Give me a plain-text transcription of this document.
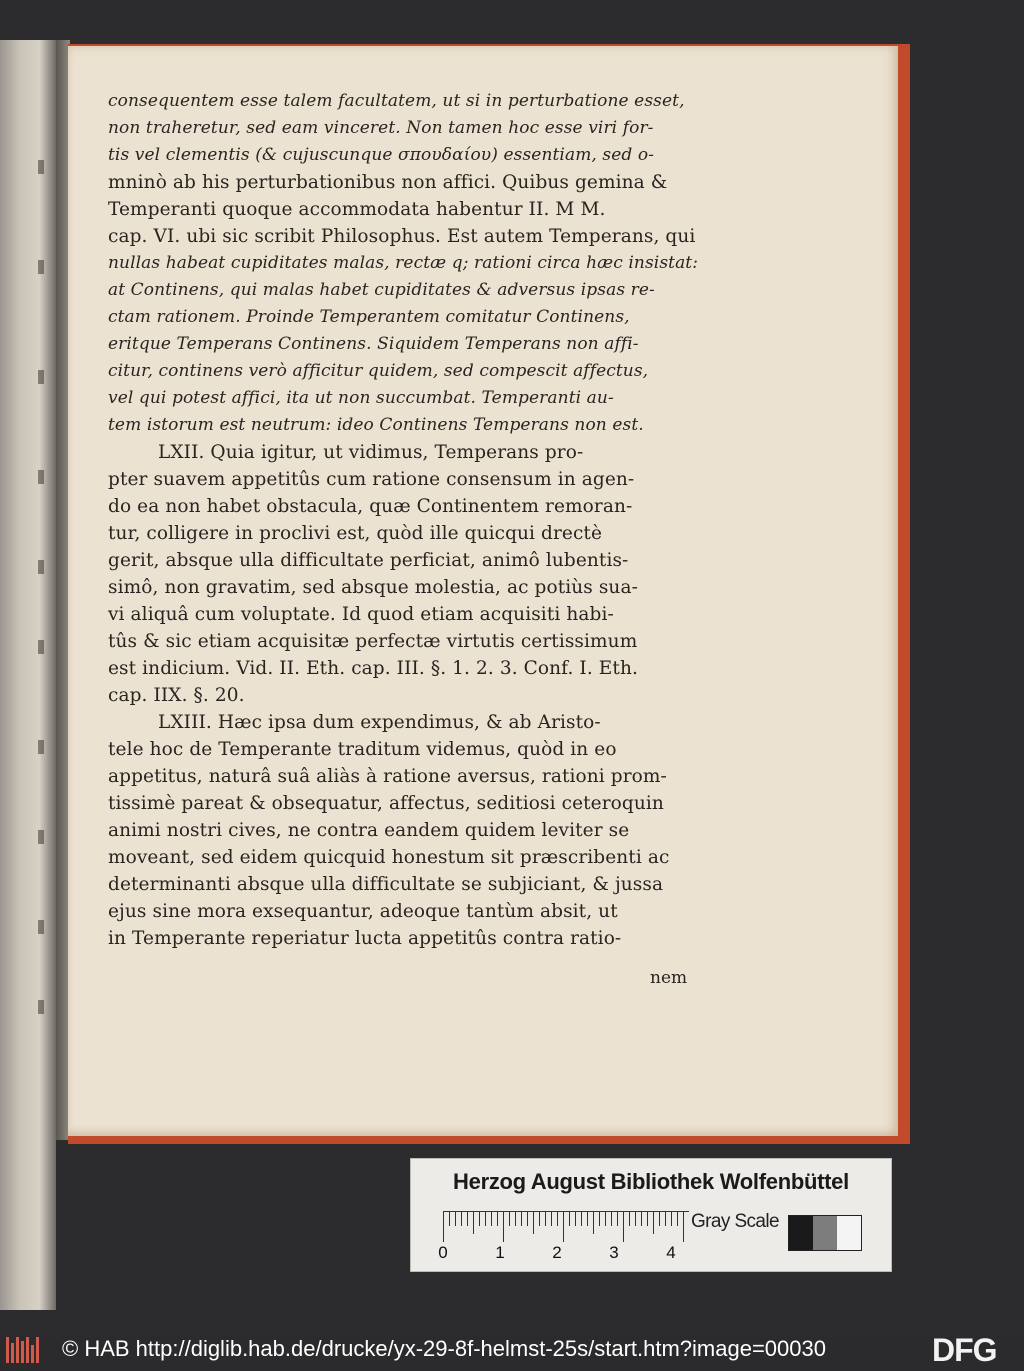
consequentem esse talem facultatem, ut si in perturbatione esset,
non traheretur, sed eam vinceret. Non tamen hoc esse viri for-
tis vel clementis (& cujuscunque σπουδαίου) essentiam, sed o-
mninò ab his perturbationibus non affici. Quibus gemina &
Temperanti quoque accommodata habentur II. M M.
cap. VI. ubi sic scribit Philosophus. Est autem Temperans, qui
nullas habeat cupiditates malas, rectæ q; rationi circa hæc insistat:
at Continens, qui malas habet cupiditates & adversus ipsas re-
ctam rationem. Proinde Temperantem comitatur Continens,
eritque Temperans Continens. Siquidem Temperans non affi-
citur, continens verò afficitur quidem, sed compescit affectus,
vel qui potest affici, ita ut non succumbat. Temperanti au-
tem istorum est neutrum: ideo Continens Temperans non est.
LXII. Quia igitur, ut vidimus, Temperans pro-
pter suavem appetitûs cum ratione consensum in agen-
do ea non habet obstacula, quæ Continentem remoran-
tur, colligere in proclivi est, quòd ille quicqui drectè
gerit, absque ulla difficultate perficiat, animô lubentis-
simô, non gravatim, sed absque molestia, ac potiùs sua-
vi aliquâ cum voluptate. Id quod etiam acquisiti habi-
tûs & sic etiam acquisitæ perfectæ virtutis certissimum
est indicium. Vid. II. Eth. cap. III. §. 1. 2. 3. Conf. I. Eth.
cap. IIX. §. 20.
LXIII. Hæc ipsa dum expendimus, & ab Aristo-
tele hoc de Temperante traditum videmus, quòd in eo
appetitus, naturâ suâ aliàs à ratione aversus, rationi prom-
tissimè pareat & obsequatur, affectus, seditiosi ceteroquin
animi nostri cives, ne contra eandem quidem leviter se
moveant, sed eidem quicquid honestum sit præscribenti ac
determinanti absque ulla difficultate se subjiciant, & jussa
ejus sine mora exsequantur, adeoque tantùm absit, ut
in Temperante reperiatur lucta appetitûs contra ratio-
nem
Herzog August Bibliothek Wolfenbüttel
0	1	2	3	4
Gray Scale
© HAB http://diglib.hab.de/drucke/yx-29-8f-helmst-25s/start.htm?image=00030	DFG
